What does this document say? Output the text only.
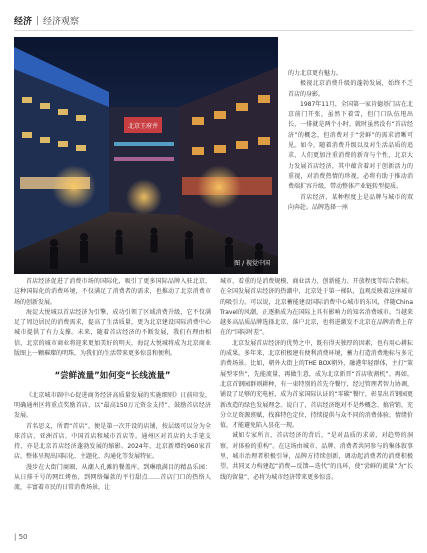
经济 经济观察
北京王府井
图 / 视觉中国

的力北京更有魅力。

极视北京消费升级的蓬勃发展，始终不乏首店的身影。

1987年11月，全国第一家肯德基门店在北京前门开张，虽然下着雪，但门口队伍甩出长，一排就是两个小时，就时虽然没有“首店经济”的概念，但消费对于“尝鲜”的需求清晰可见。如今，随着消费升级以及对生活品质的追求，人们更加注重消费的新奇与个性，北京大力发展首店经济，其中蕴含着对于创新活力的重视，对消费热情的珍视，必将有助于推动消费端扩容升级，带动整体产业链转型提质。

首店经济，某种程度上是品牌与城市的双向奔赴。品牌选择一座

首店经济促进了消费市场的国际化，吸引了更多国际品牌入驻北京，这种国际化的消费环境，不仅满足了消费者的需求，也推动了北京消费市场的创新发展。

海淀大悦城以首店经济为引擎，成功引领了区域消费升级，它不仅满足了周边居民的消费需求，提高了生活质量，更为北京建设国际消费中心城市提供了有力支撑。未来，随着首店经济的不断发展，我们有理由相信，北京的城市商业将迎来更加美好的明天，海淀大悦城将成为北京商业版图上一颗璀璨的明珠，为我们的生活带来更多惊喜和便利。

“尝鲜流量”如何变“长线流量”

《北京城市副中心促进商务经济高质量发展的实施细则》日前印发，明确通州区将重点奖励首店，以“最高150万元资金支持”，鼓励首店经济发展。

首名思义，所谓“首店”，便是第一次开设的店铺，按层级可以分为全球首店、亚洲首店、中国首店和城市首店等。通州区对首店的大手笔支持，亦是北京首店经济蓬勃发展的缩影。2024年，北京新增约960家首店，整体呈现出国际化、主题化、沟通化等发展特征。

漫步在大街门商圈，从潮人孔滩的餐盖库，到琳琅满目的精品乐园：从日排千号的网红烤鱼，到网络爆款的平行甜点……首店门口的热络人流，丰富着市民的日常消费场景，让

城市，看重的是消费规模、商业活力、创新能力、开放程度等综合指标，在全国发展首店经济的热潮中，北京处于第一梯队，直观反映着这座城市的吸引力。可以说，北京蓄能建设国际消费中心城市的东风，伴随China Travel的风潮，正逐渐成为在国际上具有影响力的知名消费城市。当越来越多高品质品牌选择北京、落户北京，也将进激发不北京在品牌消费上存在的“国际时差”。

北京发展首店经济的优势之中，既有得天独厚的因素，也有用心耕耘的成果。多年来，北京积极建有便利消费环境，蓄力打造消费地标与多元消费场景。比如，朝外大街上的THE BOX朝外，融港年轻群体，主打“策展型零售”，先能流量，再做生意，成为北京新晋“首店收割机”。再如，北京首钢园群则耕种，有一束特别的首先夺餐厅，经过管理者智力协调，铺设了足够的充电桩，成为首家国际认证的“零碳”餐厅，彰显出首钢园更新改造的绿色发展理念。说白了，首店经济绝对不是炒概念、搞营销，充分立足资源禀赋，找准特色定位，持续提供与众不同的消费体验、情绪价值，才能避免陷入昙花一现。

诚如专家所言，首店经济的背后，“是对品质的求诺，对趋势的洞察，对体验的重构”。在这场由城市、品牌、消费者共同参与的集体叙事里，城市治理者积极引导，品牌方持续创新，调动起消费者的消费积极望，共同叉力构建起“消费—反馈—迭代”的良环，使“尝鲜的流量”为“长线的留量”，必将为城市经济带来更多惊喜。

| 50
